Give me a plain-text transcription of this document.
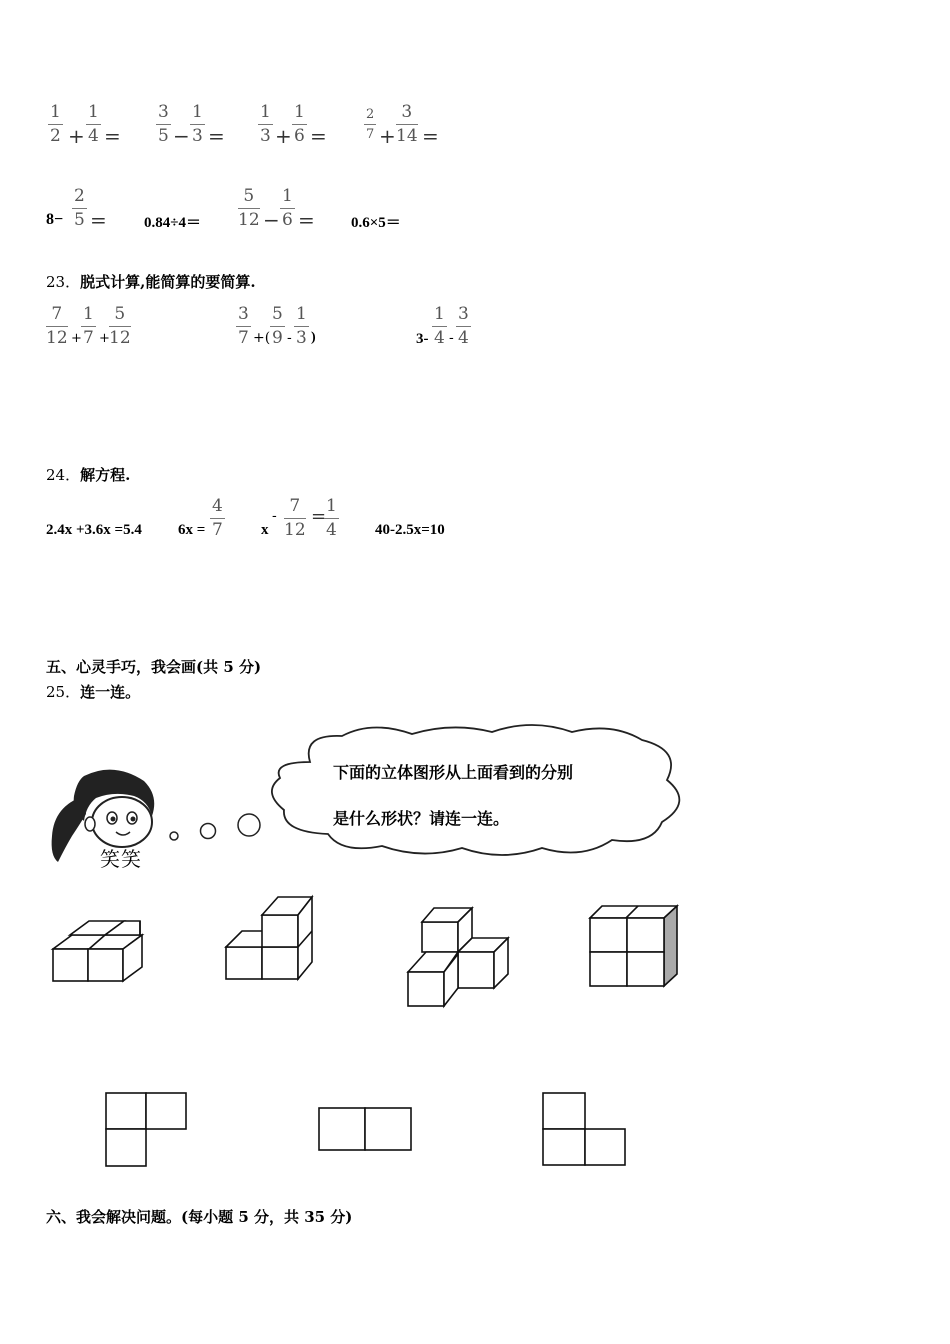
$\frac{1}{2} + \frac{1}{4} = \frac{3}{5} - \frac{1}{3} = \frac{1}{3} + \frac{1}{6}$ =	$\frac{2}{7} + \frac{3}{14}$ =
$8- \frac{2}{5} = 0.84\div 4= \frac{5}{12} - \frac{1}{6} = 0.6\times 5=$
23．脱式计算,能简算的要简算.
$\frac{7}{12} + \frac{1}{7} + \frac{5}{12}$	$\frac{3}{7}$ +( $\frac{5}{9} - \frac{1}{3}$ )	$3- \frac{1}{4} - \frac{3}{4}$
24．解方程.
2.4x +3.6x =5.4 $6x = \frac{4}{7}$ x
- $\frac{7}{12}$ =
$\frac{1}{4} 40-2.5x=10$
五、心灵手巧，我会画(共 5 分)
25．连一连。
笑笑
下面的立体图形从上面看到的分别
是什么形状？请连一连。
六、我会解决问题。(每小题 5 分，共 35 分)
